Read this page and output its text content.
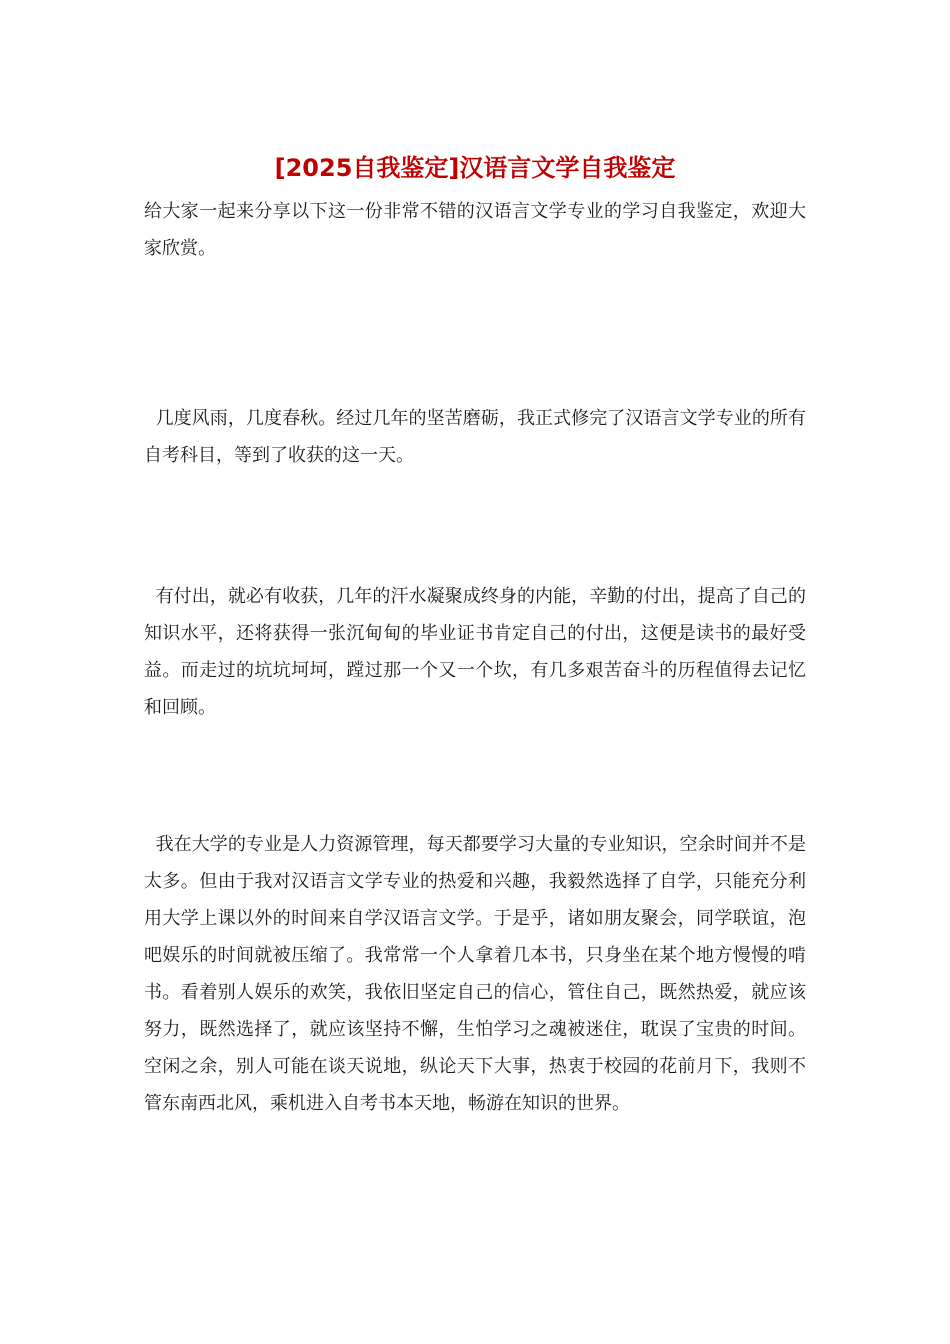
[2025自我鉴定]汉语言文学自我鉴定

给大家一起来分享以下这一份非常不错的汉语言文学专业的学习自我鉴定，欢迎大家欣赏。

几度风雨，几度春秋。经过几年的坚苦磨砺，我正式修完了汉语言文学专业的所有自考科目，等到了收获的这一天。

有付出，就必有收获，几年的汗水凝聚成终身的内能，辛勤的付出，提高了自己的知识水平，还将获得一张沉甸甸的毕业证书肯定自己的付出，这便是读书的最好受益。而走过的坑坑坷坷，蹚过那一个又一个坎，有几多艰苦奋斗的历程值得去记忆和回顾。

我在大学的专业是人力资源管理，每天都要学习大量的专业知识，空余时间并不是太多。但由于我对汉语言文学专业的热爱和兴趣，我毅然选择了自学，只能充分利用大学上课以外的时间来自学汉语言文学。于是乎，诸如朋友聚会，同学联谊，泡吧娱乐的时间就被压缩了。我常常一个人拿着几本书，只身坐在某个地方慢慢的啃书。看着别人娱乐的欢笑，我依旧坚定自己的信心，管住自己，既然热爱，就应该努力，既然选择了，就应该坚持不懈，生怕学习之魂被迷住，耽误了宝贵的时间。空闲之余，别人可能在谈天说地，纵论天下大事，热衷于校园的花前月下，我则不管东南西北风，乘机进入自考书本天地，畅游在知识的世界。
